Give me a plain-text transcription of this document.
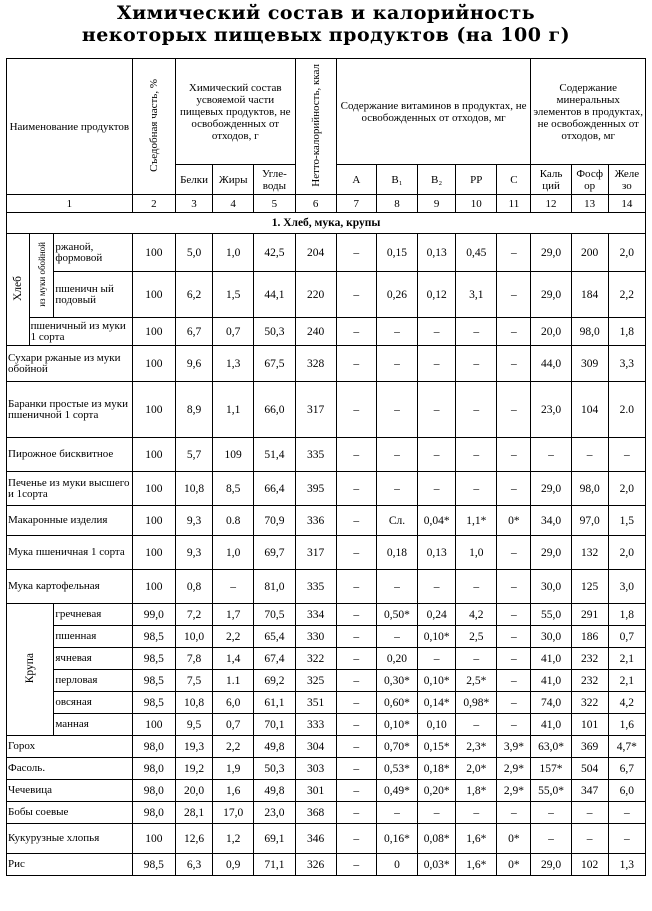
Химический состав и калорийность
некоторых пищевых продуктов (на 100 г)
Наименование продуктов			Съедобная часть, %	Химический состав усвояемой части пищевых продуктов, не освобожденных от отходов, г			Нетто-калорийность, ккал	Содержание витаминов в продуктах, не освобожденных от отходов, мг					Содержание минеральных элементов в продуктах, не освобожденных от отходов, мг		
				Белки	Жиры	Угле-воды		А	В₁	В₂	РР	С	Каль ций	Фосф ор	Желе зо
1			2	3	4	5	6	7	8	9	10	11	12	13	14
1. Хлеб, мука, крупы															
Хлеб	из муки обойной	ржаной, формовой	100	5,0	1,0	42,5	204	–	0,15	0,13	0,45	–	29,0	200	2,0
		пшеничн ый подовый	100	6,2	1,5	44,1	220	–	0,26	0,12	3,1	–	29,0	184	2,2
	пшеничный из муки 1 сорта		100	6,7	0,7	50,3	240	–	–	–	–	–	20,0	98,0	1,8
Сухари ржаные из муки обойной			100	9,6	1,3	67,5	328	–	–	–	–	–	44,0	309	3,3
Баранки простые из муки пшеничной 1 сорта			100	8,9	1,1	66,0	317	–	–	–	–	–	23,0	104	2.0
Пирожное бисквитное			100	5,7	109	51,4	335	–	–	–	–	–	–	–	–
Печенье из муки высшего и 1сорта			100	10,8	8,5	66,4	395	–	–	–	–	–	29,0	98,0	2,0
Макаронные изделия			100	9,3	0.8	70,9	336	–	Сл.	0,04*	1,1*	0*	34,0	97,0	1,5
Мука пшеничная 1 сорта			100	9,3	1,0	69,7	317	–	0,18	0,13	1,0	–	29,0	132	2,0
Мука картофельная			100	0,8	–	81,0	335	–	–	–	–	–	30,0	125	3,0
Крупа		гречневая	99,0	7,2	1,7	70,5	334	–	0,50*	0,24	4,2	–	55,0	291	1,8
		пшенная	98,5	10,0	2,2	65,4	330	–	–	0,10*	2,5	–	30,0	186	0,7
		ячневая	98,5	7,8	1,4	67,4	322	–	0,20	–	–	–	41,0	232	2,1
		перловая	98,5	7,5	1.1	69,2	325	–	0,30*	0,10*	2,5*	–	41,0	232	2,1
		овсяная	98,5	10,8	6,0	61,1	351	–	0,60*	0,14*	0,98*	–	74,0	322	4,2
		манная	100	9,5	0,7	70,1	333	–	0,10*	0,10	–	–	41,0	101	1,6
Горох			98,0	19,3	2,2	49,8	304	–	0,70*	0,15*	2,3*	3,9*	63,0*	369	4,7*
Фасоль.			98,0	19,2	1,9	50,3	303	–	0,53*	0,18*	2,0*	2,9*	157*	504	6,7
Чечевица			98,0	20,0	1,6	49,8	301	–	0,49*	0,20*	1,8*	2,9*	55,0*	347	6,0
Бобы соевые			98,0	28,1	17,0	23,0	368	–	–	–	–	–	–	–	–
Кукурузные хлопья			100	12,6	1,2	69,1	346	–	0,16*	0,08*	1,6*	0*	–	–	–
Рис			98,5	6,3	0,9	71,1	326	–	0	0,03*	1,6*	0*	29,0	102	1,3
